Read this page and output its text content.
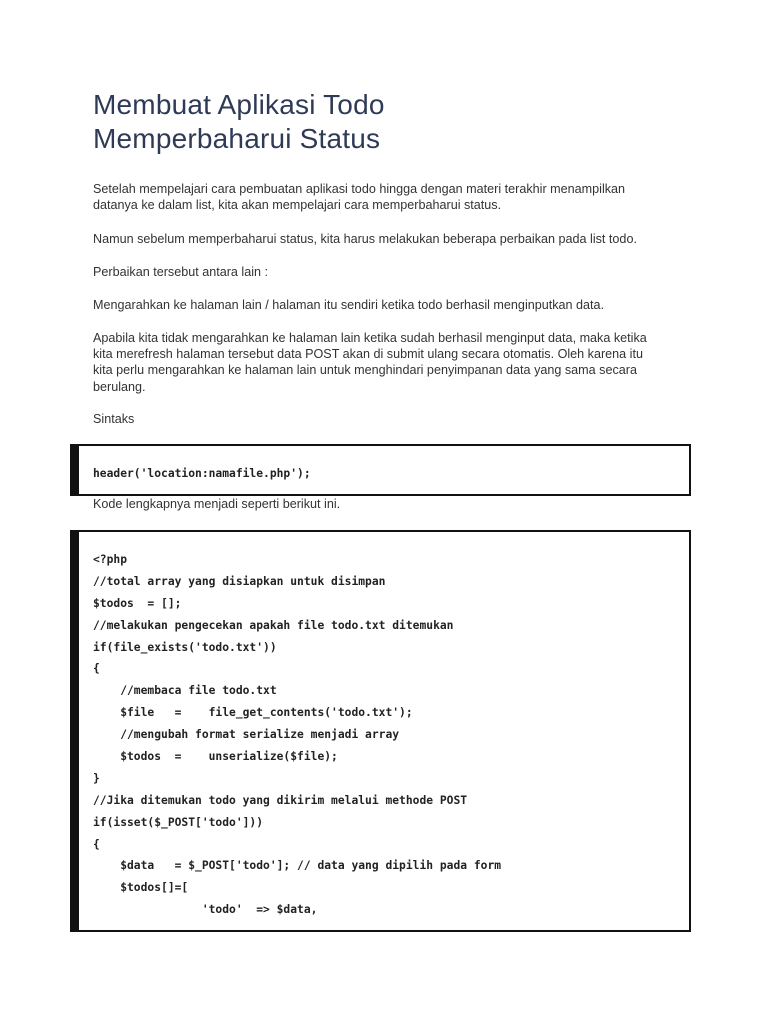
Membuat Aplikasi Todo
Memperbaharui Status

Setelah mempelajari cara pembuatan aplikasi todo hingga dengan materi terakhir menampilkan datanya ke dalam list, kita akan mempelajari cara memperbaharui status.

Namun sebelum memperbaharui status, kita harus melakukan beberapa perbaikan pada list todo.

Perbaikan tersebut antara lain :

Mengarahkan ke halaman lain / halaman itu sendiri ketika todo berhasil menginputkan data.

Apabila kita tidak mengarahkan ke halaman lain ketika sudah berhasil menginput data, maka ketika kita merefresh halaman tersebut data POST akan di submit ulang secara otomatis. Oleh karena itu kita perlu mengarahkan ke halaman lain untuk menghindari penyimpanan data yang sama secara berulang.

Sintaks

header('location:namafile.php');

Kode lengkapnya menjadi seperti berikut ini.

<?php
//total array yang disiapkan untuk disimpan
$todos  = [];
//melakukan pengecekan apakah file todo.txt ditemukan
if(file_exists('todo.txt'))
{
//membaca file todo.txt
$file   =    file_get_contents('todo.txt');
//mengubah format serialize menjadi array
$todos  =    unserialize($file);
}
//Jika ditemukan todo yang dikirim melalui methode POST
if(isset($_POST['todo']))
{
$data   = $_POST['todo']; // data yang dipilih pada form
$todos[]=[
'todo'  => $data,
